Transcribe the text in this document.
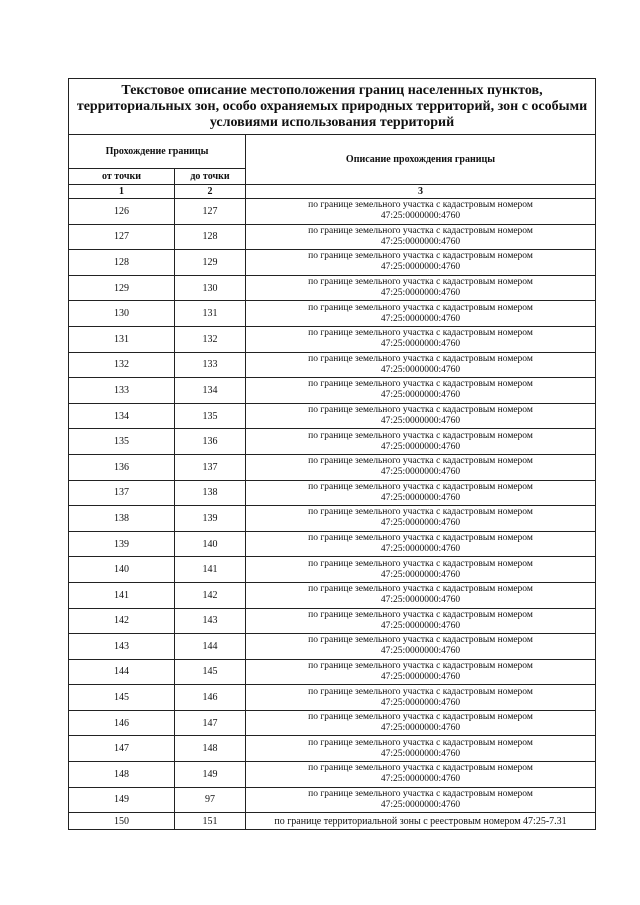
Текстовое описание местоположения границ населенных пунктов, территориальных зон, особо охраняемых природных территорий, зон с особыми условиями использования территорий		
Прохождение границы		Описание прохождения границы
от точки	до точки	
1	2	3
126	127	по границе земельного участка с кадастровым номером
47:25:0000000:4760

127	128	по границе земельного участка с кадастровым номером
47:25:0000000:4760

128	129	по границе земельного участка с кадастровым номером
47:25:0000000:4760

129	130	по границе земельного участка с кадастровым номером
47:25:0000000:4760

130	131	по границе земельного участка с кадастровым номером
47:25:0000000:4760

131	132	по границе земельного участка с кадастровым номером
47:25:0000000:4760

132	133	по границе земельного участка с кадастровым номером
47:25:0000000:4760

133	134	по границе земельного участка с кадастровым номером
47:25:0000000:4760

134	135	по границе земельного участка с кадастровым номером
47:25:0000000:4760

135	136	по границе земельного участка с кадастровым номером
47:25:0000000:4760

136	137	по границе земельного участка с кадастровым номером
47:25:0000000:4760

137	138	по границе земельного участка с кадастровым номером
47:25:0000000:4760

138	139	по границе земельного участка с кадастровым номером
47:25:0000000:4760

139	140	по границе земельного участка с кадастровым номером
47:25:0000000:4760

140	141	по границе земельного участка с кадастровым номером
47:25:0000000:4760

141	142	по границе земельного участка с кадастровым номером
47:25:0000000:4760

142	143	по границе земельного участка с кадастровым номером
47:25:0000000:4760

143	144	по границе земельного участка с кадастровым номером
47:25:0000000:4760

144	145	по границе земельного участка с кадастровым номером
47:25:0000000:4760

145	146	по границе земельного участка с кадастровым номером
47:25:0000000:4760

146	147	по границе земельного участка с кадастровым номером
47:25:0000000:4760

147	148	по границе земельного участка с кадастровым номером
47:25:0000000:4760

148	149	по границе земельного участка с кадастровым номером
47:25:0000000:4760

149	97	по границе земельного участка с кадастровым номером
47:25:0000000:4760

150	151	по границе территориальной зоны с реестровым номером 47:25-7.31
